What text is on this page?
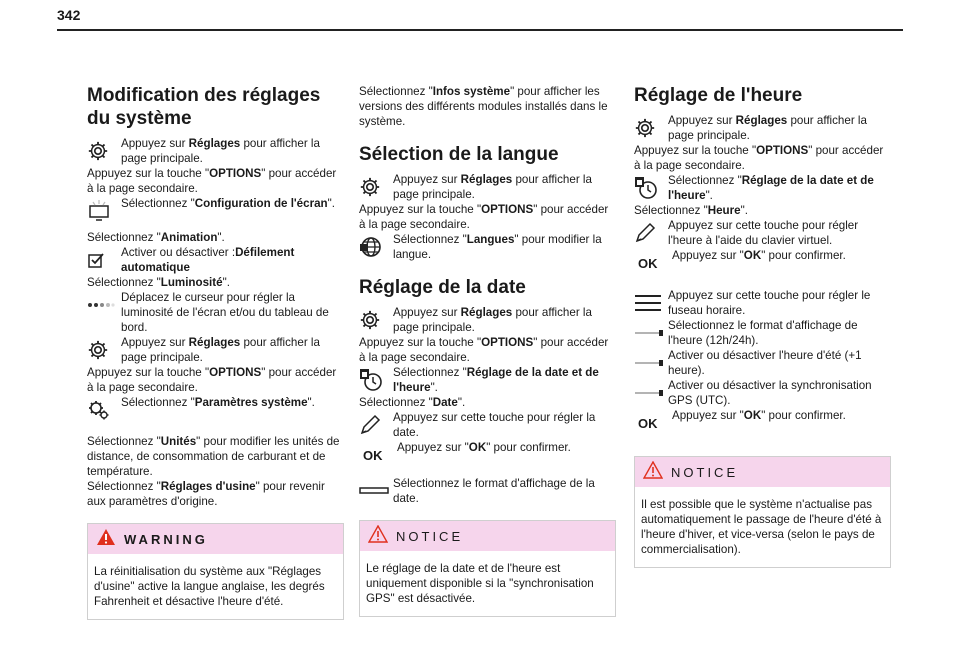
342
Modification des réglages du système

Appuyez sur Réglages pour afficher la page principale.

Appuyez sur la touche "OPTIONS" pour accéder à la page secondaire.

Sélectionnez "Configuration de l'écran".

Sélectionnez "Animation".

Activer ou désactiver :Défilement automatique

Sélectionnez "Luminosité".

Déplacez le curseur pour régler la luminosité de l'écran et/ou du tableau de bord.

Appuyez sur Réglages pour afficher la page principale.

Appuyez sur la touche "OPTIONS" pour accéder à la page secondaire.

Sélectionnez "Paramètres système".

Sélectionnez "Unités" pour modifier les unités de distance, de consommation de carburant et de température.

Sélectionnez "Réglages d'usine" pour revenir aux paramètres d'origine.

WARNING
La réinitialisation du système aux "Réglages d'usine" active la langue anglaise, les degrés Fahrenheit et désactive l'heure d'été.

Sélectionnez "Infos système" pour afficher les versions des différents modules installés dans le système.

Sélection de la langue

Appuyez sur Réglages pour afficher la page principale.

Appuyez sur la touche "OPTIONS" pour accéder à la page secondaire.

Sélectionnez "Langues" pour modifier la langue.

Réglage de la date

Appuyez sur Réglages pour afficher la page principale.

Appuyez sur la touche "OPTIONS" pour accéder à la page secondaire.

Sélectionnez "Réglage de la date et de l'heure".

Sélectionnez "Date".

Appuyez sur cette touche pour régler la date.

OK	Appuyez sur "OK" pour confirmer.

Sélectionnez le format d'affichage de la date.

NOTICE
Le réglage de la date et de l'heure est uniquement disponible si la "synchronisation GPS" est désactivée.
Réglage de l'heure

Appuyez sur Réglages pour afficher la page principale.

Appuyez sur la touche "OPTIONS" pour accéder à la page secondaire.

Sélectionnez "Réglage de la date et de l'heure".

Sélectionnez "Heure".

Appuyez sur cette touche pour régler l'heure à l'aide du clavier virtuel.

OK	Appuyez sur "OK" pour confirmer.

Appuyez sur cette touche pour régler le fuseau horaire.

Sélectionnez le format d'affichage de l'heure (12h/24h).

Activer ou désactiver l'heure d'été (+1 heure).

Activer ou désactiver la synchronisation GPS (UTC).

OK	Appuyez sur "OK" pour confirmer.

NOTICE
Il est possible que le système n'actualise pas automatiquement le passage de l'heure d'été à l'heure d'hiver, et vice-versa (selon le pays de commercialisation).
